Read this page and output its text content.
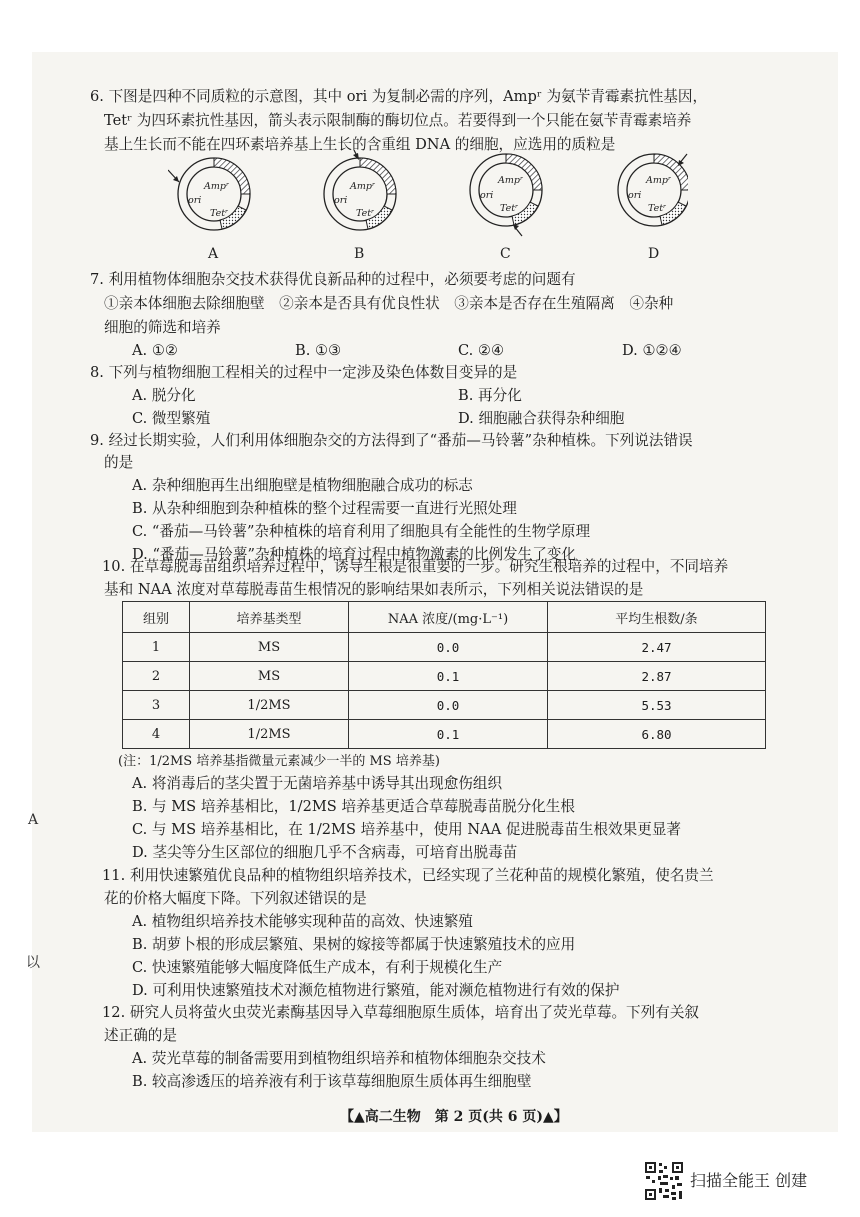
6. 下图是四种不同质粒的示意图，其中 ori 为复制必需的序列，Ampʳ 为氨苄青霉素抗性基因，
Tetʳ 为四环素抗性基因，箭头表示限制酶的酶切位点。若要得到一个只能在氨苄青霉素培养
基上生长而不能在四环素培养基上生长的含重组 DNA 的细胞，应选用的质粒是
Ampʳ
ori
Tetʳ
A
Ampʳ
ori
Tetʳ
B
Ampʳ
ori
Tetʳ
C
Ampʳ
ori
Tetʳ
D
7. 利用植物体细胞杂交技术获得优良新品种的过程中，必须要考虑的问题有
①亲本体细胞去除细胞壁　②亲本是否具有优良性状　③亲本是否存在生殖隔离　④杂种
细胞的筛选和培养
A. ①②	B. ①③	C. ②④	D. ①②④
8. 下列与植物细胞工程相关的过程中一定涉及染色体数目变异的是
A. 脱分化	B. 再分化
C. 微型繁殖	D. 细胞融合获得杂种细胞
9. 经过长期实验，人们利用体细胞杂交的方法得到了“番茄—马铃薯”杂种植株。下列说法错误
的是
A. 杂种细胞再生出细胞壁是植物细胞融合成功的标志
B. 从杂种细胞到杂种植株的整个过程需要一直进行光照处理
C. “番茄—马铃薯”杂种植株的培育利用了细胞具有全能性的生物学原理
D. “番茄—马铃薯”杂种植株的培育过程中植物激素的比例发生了变化
10. 在草莓脱毒苗组织培养过程中，诱导生根是很重要的一步。研究生根培养的过程中，不同培养
基和 NAA 浓度对草莓脱毒苗生根情况的影响结果如表所示，下列相关说法错误的是
组别	培养基类型	NAA 浓度/(mg·L⁻¹)	平均生根数/条
1	MS	0.0	2.47
2	MS	0.1	2.87
3	1/2MS	0.0	5.53
4	1/2MS	0.1	6.80
(注：1/2MS 培养基指微量元素减少一半的 MS 培养基)
A. 将消毒后的茎尖置于无菌培养基中诱导其出现愈伤组织
B. 与 MS 培养基相比，1/2MS 培养基更适合草莓脱毒苗脱分化生根
C. 与 MS 培养基相比，在 1/2MS 培养基中，使用 NAA 促进脱毒苗生根效果更显著
D. 茎尖等分生区部位的细胞几乎不含病毒，可培育出脱毒苗
11. 利用快速繁殖优良品种的植物组织培养技术，已经实现了兰花种苗的规模化繁殖，使名贵兰
花的价格大幅度下降。下列叙述错误的是
A. 植物组织培养技术能够实现种苗的高效、快速繁殖
B. 胡萝卜根的形成层繁殖、果树的嫁接等都属于快速繁殖技术的应用
C. 快速繁殖能够大幅度降低生产成本，有利于规模化生产
D. 可利用快速繁殖技术对濒危植物进行繁殖，能对濒危植物进行有效的保护
12. 研究人员将萤火虫荧光素酶基因导入草莓细胞原生质体，培育出了荧光草莓。下列有关叙
述正确的是
A. 荧光草莓的制备需要用到植物组织培养和植物体细胞杂交技术
B. 较高渗透压的培养液有利于该草莓细胞原生质体再生细胞壁
【▲高二生物　第 2 页(共 6 页)▲】
A
以
扫描全能王 创建
